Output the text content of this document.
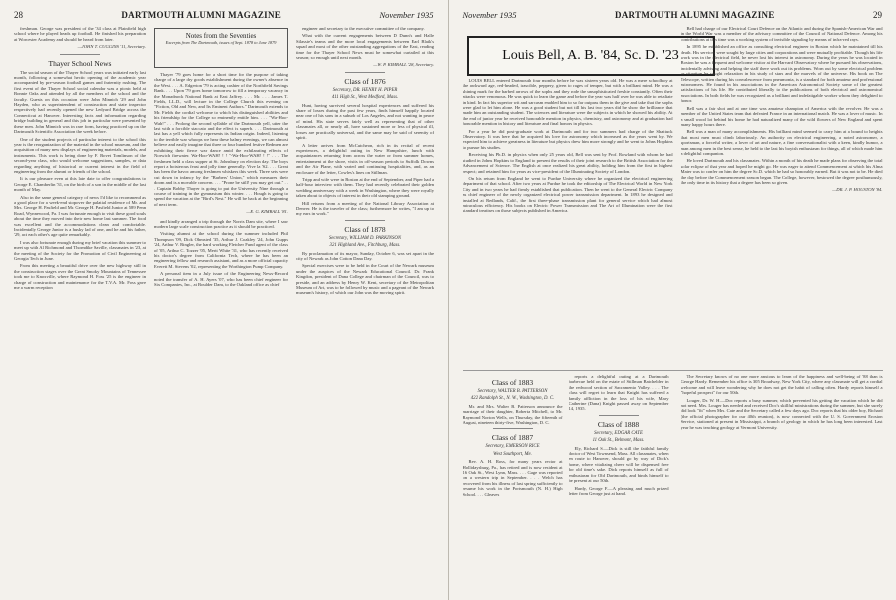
28	DARTMOUTH ALUMNI MAGAZINE	November 1935

freshman. George was president of the '34 class at Plainfield high school where he played heads up football. He finished his preparation at Worcester Academy and should be heard from later.

—JOHN T. CUGGINS '11, Secretary.
Thayer School News

The social season of the Thayer School years was initiated early last month, following a somewhat hectic opening of the academic year accompanied by pre-season football games and fraternity rushing. The first event of the Thayer School social calendar was a picnic held at Bonnie Oaks and attended by all the members of the school and the faculty. Guests on this occasion were John Minnich '29 and John Hayden, who as superintendent of construction and state inspector respectively had recently opened the new Ledyard Bridge across the Connecticut at Hanover. Interesting facts and information regarding bridge building in general and this job in particular were presented by these men. John Minnich was in rare form, having practiced up on the Dartmouth Scientific Association the week before.

One of the student projects of particular interest to the school this year is the reorganization of the material in the school museum, and the acquisition of many new displays of engineering materials, models, and instruments. This work is being done by F. Bovet Tomlinson of the second-year class, who would welcome suggestions, samples, or data regarding anything of historical or current interest in the field of engineering from the alumni or friends of the school.

It is our pleasure even at this late date to offer congratulations to George E. Chamberlin '31, on the birth of a son in the middle of the last month of May.

Also in the same general category of news I'd like to recommend as a good place for a week-end stopover the palatial residence of Mr. and Mrs. George H. Pasfield and Mr. George H. Pasfield Junior at 589 Penn Road, Wynnewood, Pa. I was fortunate enough to visit these good souls about the time they moved into their new home last summer. The food was excellent and the accommodations clean and comfortable. Incidentally George Junior is a husky lad of one, and he and his father, '29, act each other's age quite remarkably.

I was also fortunate enough during my brief vacation this summer to meet up with Al Richmond and Thorndike Saville, classmates in '23, at the meeting of the Society for the Promotion of Civil Engineering at Georgia Tech in June.

From this meeting a beautiful drive over the new highway still in the construction stages over the Great Smoky Mountains of Tennessee took me to Knoxville, where Raymond H. Foss '25 is the engineer in charge of construction and maintenance for the T.V.A. Mr. Foss gave me a warm reception

Notes from the Seventies
Excerpts from The Dartmouth, issues of Sept. 1878 to June 1879

Thayer '79 goes home for a short time for the purpose of taking charge of a large dry goods establishment during the owner's absence in the West. . . . A. Edgerton '79 is acting cashier of the Northfield Savings Bank. . . . Upon '79 goes home tomorrow to fill a temporary vacancy in the Monadnock National Bank at East Jaffrey. . . . Mr. . . . James T. Fields, LL.D., will lecture in the College Church this evening on "Fiction, Old and New, and Its Eminent Authors." Dartmouth extends to Mr. Fields the cordial welcome to which his distinguished abilities and his friendship for the College so eminently entitle him. . . . "Wa-Hoo-Wah!" . . . Prolong the second syllable of the Dartmouth yell, utter the last with a forcible staccato and the effect is superb. . . . Dartmouth at last has a yell which fully represents its Indian origin. Indeed, listening to the terrible war whoops we hear these balmy evenings, we can almost believe and easily imagine that three or four hundred festive Redmen are exhibiting their fierce war dance amid the exhilarating effects of Norwich firewater. Wa-Hoo-WAH! ! ! "-Wa-Hoo-WAH! ! !" . . . The freshmen held a class supper at St. Johnsbury on election day. The boys report a boisterous feast and jolly time generally. Vive la 'S2. . . . Great has been the havoc among freshmen whiskers this week. Three sets were cut down in infancy by the "Barbers' Union," which measures their doom and is a movable concern. . . . "Prone be still! you may get out." . . . Captain Bobby Thayer is going to put the University Nine through a course of training in the gymnasium this winter. . . . Hough is going to spend the vacation at the "Bird's Nest." He will be back at the beginning of next term.

—E. G. KIMBALL '81.

and kindly arranged a trip through the Norris Dam site, where I saw modern large scale construction practice as it should be practiced.

Visiting alumni at the school during the summer included Phil Thompson '09, Dick Ohmsted '35, Arthur J. Coakley '24, John Gupps '24, Arthur V. Ringler, the hard working Fletcher Fund agent of the class of '05, Arthur C. Tozzer '05, Merit White '31, who has recently received his doctor's degree from California Tech, where he has been an engineering fellow and research assistant, and as a more official capacity Everett M. Stevens '02, representing the Worthington Pump Company.

A personal item in a July issue of the Engineering News-Record noted the transfer of A. H. Ayers '07, who has been chief engineer for Six Companies, Inc., at Boulder Dam, to the Oakland office as chief

engineer and secretary to the executive committee of the company.

What with the current engagements between D Dunn's and Halle Silassie's teams and the more local engagements between Earl Blaik's squad and most of the other outstanding aggregations of the East, reading time for the Thayer School News must be somewhat curtailed at this season; so enough until next month.

—W. P. KIMBALL '28, Secretary.
Class of 1876
Secretary, DR. HENRY H. PIPER
411 High St., West Medford, Mass.

Hunt, having survived several hospital experiences and suffered his share of losses during the past few years, finds himself happily located near one of his sons in a suburb of Los Angeles, and not wanting in peace of mind. His state serves fairly well as representing that of other classmates all, or nearly all, have sustained more or less of physical ill, losses are practically universal, and the same may be said of serenity of spirit.

A letter arrives from McCutcheon, rich in its recital of recent experiences, a delightful outing in New Hampshire, lunch with acquaintances returning from across the water or from summer homes, entertainment at the shore, visits in off-season periods to Suffolk Downs and the Air Plane, with varied and continuing hospitalities, and, as an enclosure of the letter, Cowles's lines on Stillman.

Tripp and wife were in Boston at the end of September, and Piper had a half-hour interview with them. They had recently celebrated their golden wedding anniversary with a week in Washington, where they were royally taken about to objects of interest in their old stamping ground.

Hill returns from a meeting of the National Library Association at Denver. He is the traveler of the class; furthermore he writes, "I am up to my ears in work."

Class of 1878
Secretary, WILLIAM D. PARKINSON
321 Highland Ave., Fitchburg, Mass.

By proclamation of its mayor, Sunday, October 6, was set apart in the city of Newark as John Cotton Dana Day.

Special exercises were to be held in the Court of the Newark museum under the auspices of the Newark Educational Council. Dr. Frank Kingdon, president of Dana College and chairman of the Council, was to preside, and an address by Henry W. Kent, secretary of the Metropolitan Museum of Art, was to be followed by music and a pageant of the Newark museum's history, of which our John was the moving spirit.

November 1935	DARTMOUTH ALUMNI MAGAZINE	29
Louis Bell, A. B. '84, Sc. D. '23

LOUIS BELL entered Dartmouth four months before he was sixteen years old. He was a mere schoolboy at the awkward age, red-headed, irascible, peppery, given to rages of temper, but with a brilliant mind. He was a shining mark for the barbed arrows of the sophs and they rode the unsophisticated freshie constantly. Often their attacks were venomous. He was quick to learn the game and before the year was half over he was able to retaliate in kind. In fact his superior wit and sarcasm enabled him to so far outpass them in the give and take that the sophs were glad to let him alone. He was a good student but not till his last two years did he show the brilliance that made him an outstanding student. The sciences and literature were the subjects in which he showed his ability. At the end of junior year he received honorable mention in physics, chemistry, and astronomy and at graduation had honorable mention in history and literature and final honors in physics.

For a year he did post-graduate work at Dartmouth and for two summers had charge of the Shattuck Observatory. It was here that he acquired his love for astronomy which increased as the years went by. We expected him to achieve greatness in literature but physics drew him more strongly and he went to Johns Hopkins to pursue his studies.

Receiving his Ph.D. in physics when only 25 years old, Bell was sent by Prof. Rowland with whom he had studied in Johns Hopkins to England to present the results of their joint research to the British Association for the Advancement of Science. The English at once realized his great ability, holding him from the first in highest respect; and retained him for years as vice-president of the Illuminating Society of London.

On his return from England he went to Purdue University where he organized the electrical engineering department of that school. After two years at Purdue he took the editorship of The Electrical World in New York City and in two years he had firmly established that publication. Then he went to the General Electric Company as chief engineer of the newly organized electrical power transmission department. In 1893 he designed and installed at Redlands, Calif., the first three-phase transmission plant for general service which had almost miraculous efficiency. His books on Electric Power Transmission and The Art of Illumination were the first standard treatises on those subjects published in America.

Bell had charge of our Electrical Court Defence on the Atlantic and during the Spanish-American War and in the World War was a member of the advisory committee of the Council of National Defence. Among his contributions at this time was a working system of invisible signaling by means of infra-red rays.

In 1895 he established an office as consulting electrical engineer in Boston which he maintained till his death. His services were sought by large cities and corporations and were mutually profitable. Though his life work was in the electrical field, he never lost his interest in astronomy. During the years he was located in Boston he was a frequent and welcome visitor at the Harvard Observatory where he pursued his observations, incidentally advising and helping the staff there work out its problems. Worn out by some electrical problem or situation he sought relaxation in his study of stars and the marvels of the universe. His book on The Telescope, written during his convalescence from pneumonia, is a standard for both amateur and professional astronomers. He found in his associations in the American Astronomical Society some of the greatest satisfactions of his life. He contributed liberally to the publications of both electrical and astronomical associations. In both fields he was recognized as a brilliant and indefatigable worker whom they delighted to honor.

Bell was a fair shot and at one time was amateur champion of America with the revolver. He was a member of the United States team that defeated France in an international match. He was a lover of music. In a small wood lot behind his home he had naturalized many of the wild flowers of New England and spent many happy hours there.

Bell was a man of many accomplishments. His brilliant mind seemed to carry him at a bound to heights that most men must climb laboriously. An authority on electrical engineering, a noted astronomer, a sportsman, a forceful writer, a lover of art and nature, a fine conversationalist with a keen, kindly humor, a man among men in the best sense, he held to the last his boyish enthusiasm for things, all of which made him a delightful companion.

He loved Dartmouth and his classmates. Within a month of his death he made plans for observing the total solar eclipse of that year and hoped he might go. He was eager to attend Commencement at which his Alma Mater was to confer on him the degree Sc.D. which he had so honorably earned. But it was not to be. He died the day before the Commencement season began. The College, however, bestowed the degree posthumously, the only time in its history that a degree has been so given.

—DR. J. P. HOUSTON '84.
Class of 1883
Secretary, WALTER B. PATTERSON
422 Randolph St., N. W., Washington, D. C.

Mr. and Mrs. Walter B. Patterson announce the marriage of their daughter, Roberta Mitchell, to Mr. Raymond Norton Wells, on Thursday, the fifteenth of August, nineteen thirty-five, Washington, D. C.

Class of 1887
Secretary, EMERSON RICE
West Southport, Me.

Rev. A. H. Ross, for many years rector at Hollidaysburg, Pa., has retired and is now resident at 16 Oak St., West Lynn, Mass. . . . Gage was reported on a western trip in September. . . . Welch has recovered from his illness of last spring sufficiently to resume his work in the Portsmouth (N. H.) High School. . . . Gleaves

reports a delightful outing at a Dartmouth barbecue held on the estate of Stillman Batchelder in the redwood section of Sacramento Valley. . . . The class will regret to learn that Knight has suffered a family affliction in the loss of his wife, Mary Catherine (Dana) Knight passed away on September 14, 1935.

Class of 1888
Secretary, EDGAR CATE
11 Oak St., Belmont, Mass.

Ely, Richard S.—Dick is still the faithful family doctor of West Townsend, Mass. All classmates, when en route to Hanover, should go by way of Dick's home, where vitalizing cheer will be dispensed free for old time's sake. Dick reports himself as full of enthusiasm for Old Dartmouth, and binds himself to be present at our 50th.

Hardy, George F.—A pleasing and much prized letter from George just at hand.

The Secretary knows of no one more anxious to learn of the happiness and well-being of '88 than is George Hardy. Remember his office is 305 Broadway, New York City, where any classmate will get a cordial welcome and will leave wondering why he does not get the habit of calling often. Hardy reports himself a "hopeful prospect" for our 50th.

Louger, Dr. W. H.—Doc reports a busy summer, which prevented his getting the vacation which he did not need. Mrs. Louger has needed and received Doc's skillful ministrations during the summer, but she surely did look "fit" when Mrs. Cate and the Secretary called a few days ago. Doc reports that his older boy, Richard (the official photographer for our 40th reunion), is now connected with the U. S. Government Erosion Service, stationed at present in Mississippi, a branch of geology in which he has long been interested. Last year he was teaching geology at Vermont University.
